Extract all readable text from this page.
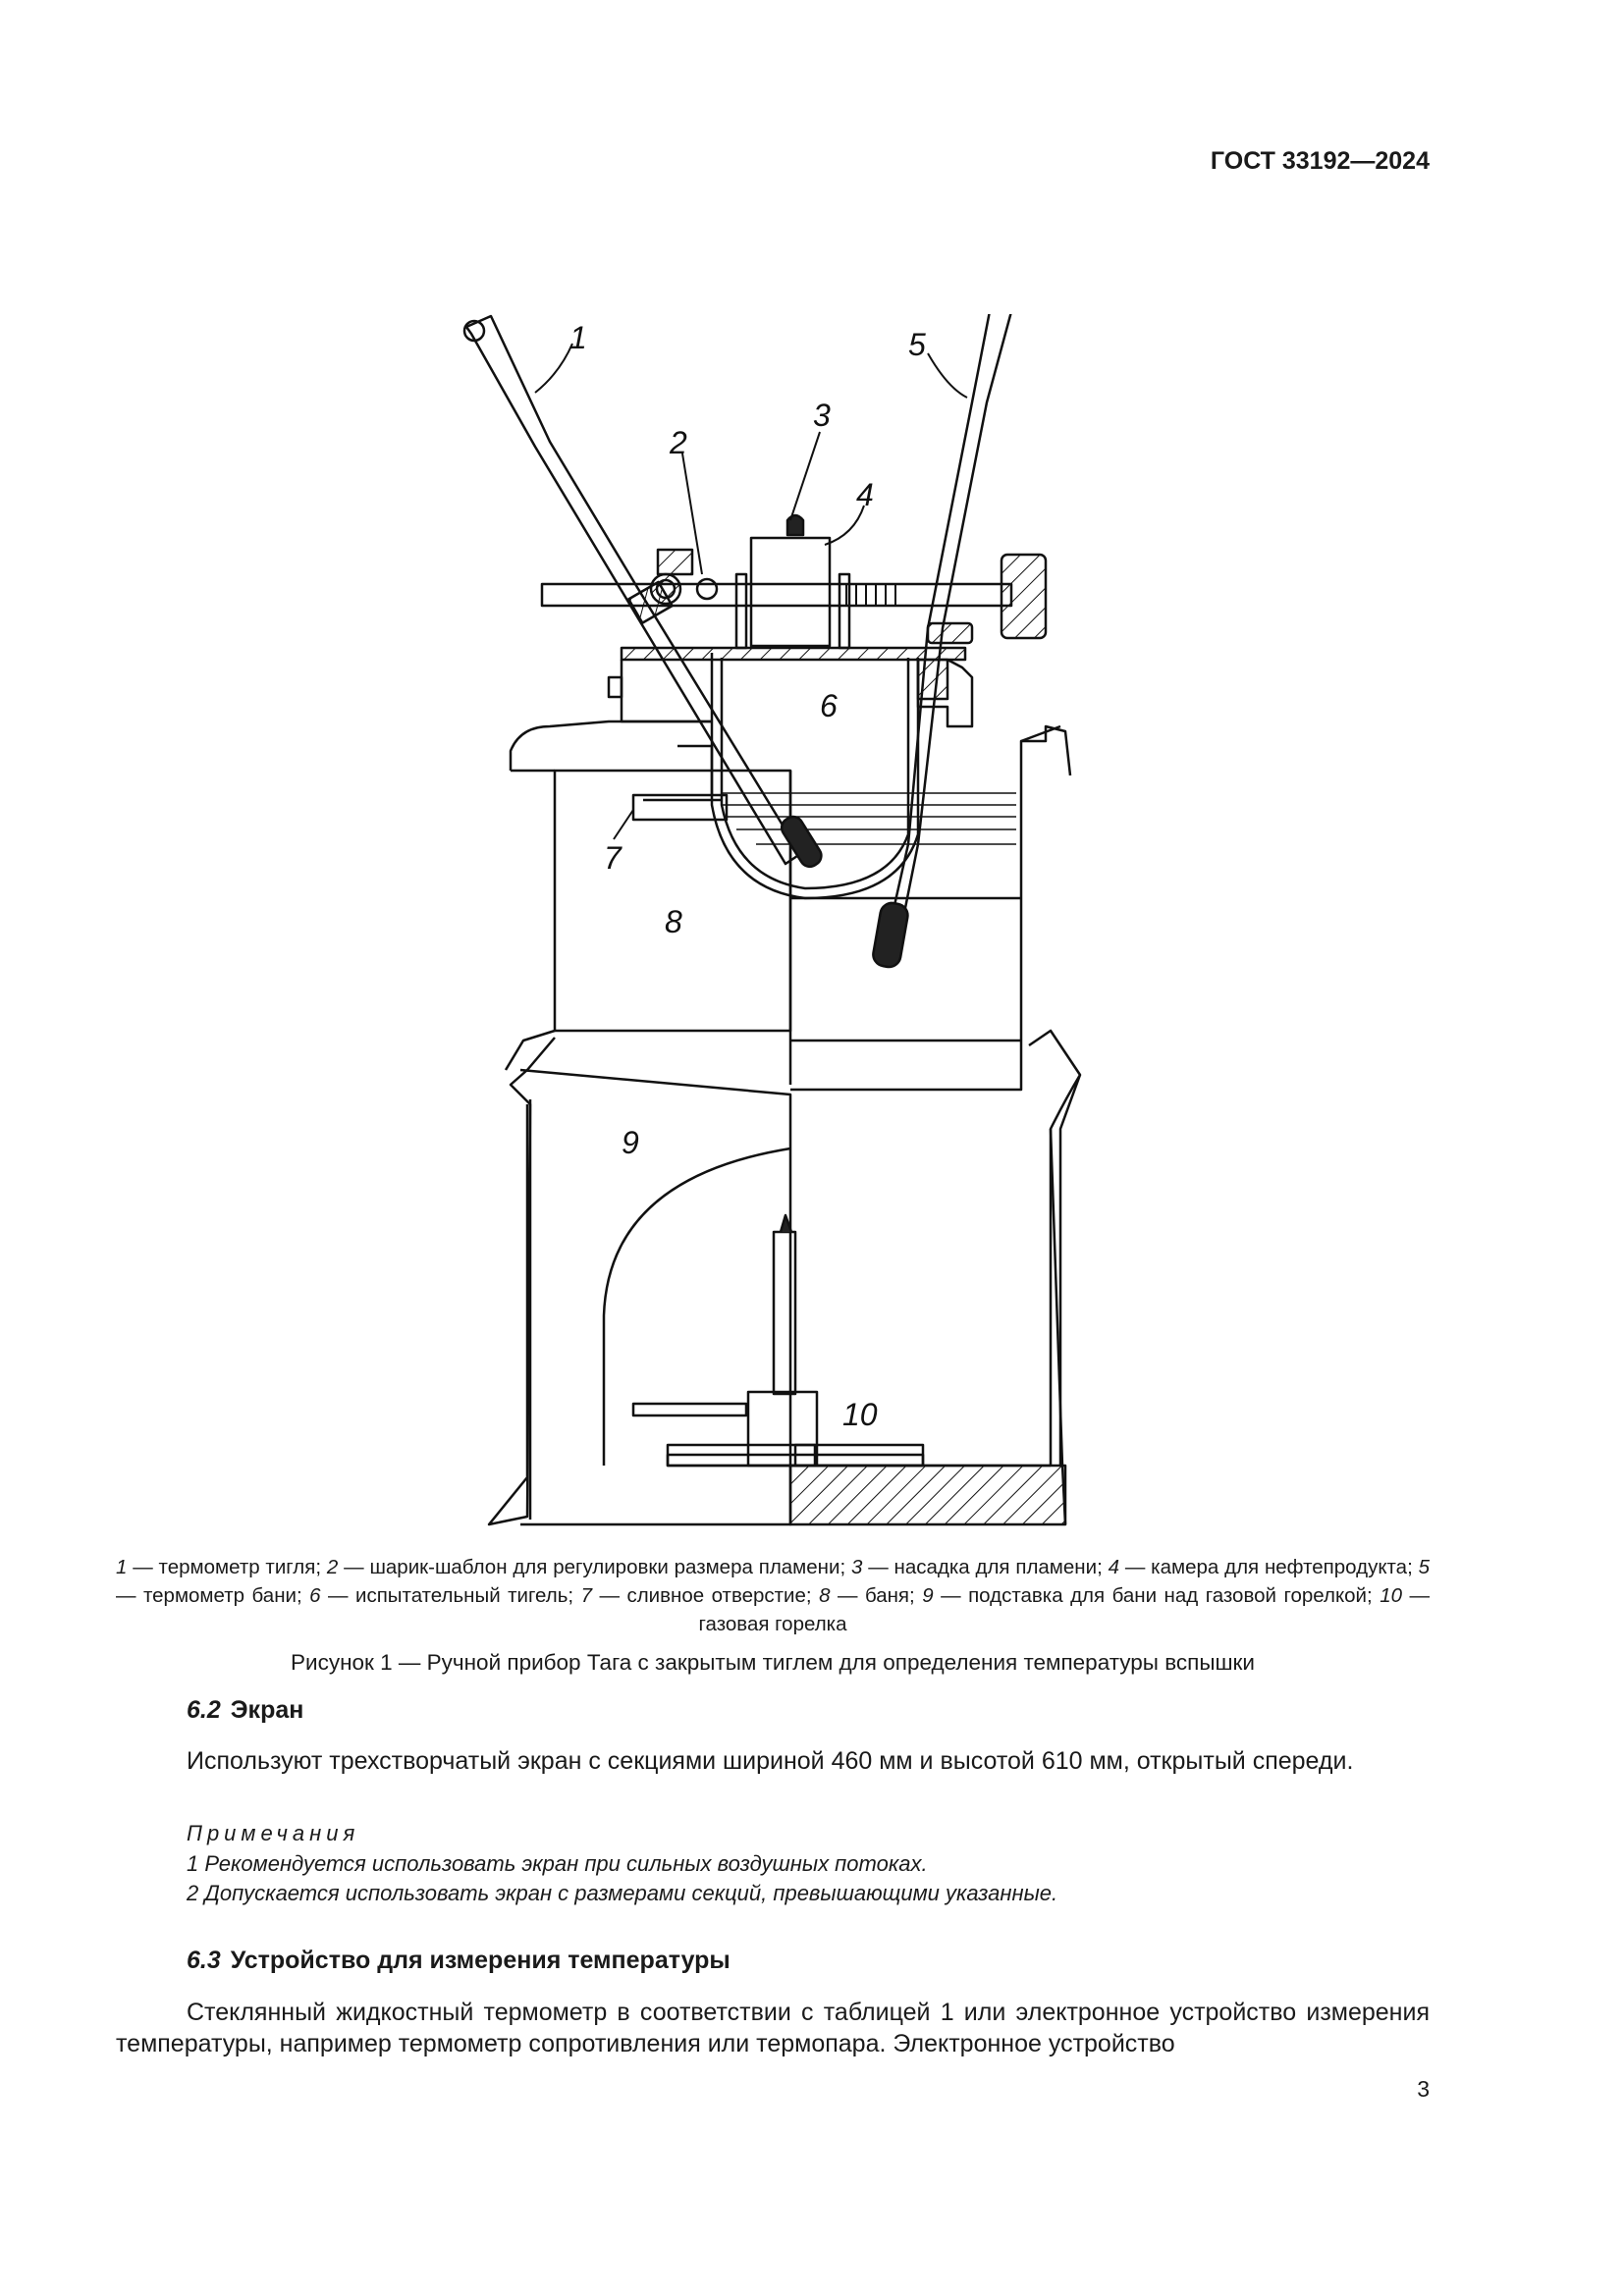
ГОСТ 33192—2024
1
2
3
4
5
6
7
8
9
10
1 — термометр тигля; 2 — шарик-шаблон для регулировки размера пламени; 3 — насадка для пламени; 4 — камера для нефтепродукта; 5 — термометр бани; 6 — испытательный тигель; 7 — сливное отверстие; 8 — баня; 9 — подставка для бани над газовой горелкой; 10 — газовая горелка
Рисунок 1 — Ручной прибор Тага с закрытым тиглем для определения температуры вспышки
6.2 Экран
Используют трехстворчатый экран с секциями шириной 460 мм и высотой 610 мм, открытый спереди.
Примечания
1 Рекомендуется использовать экран при сильных воздушных потоках.
2 Допускается использовать экран с размерами секций, превышающими указанные.
6.3 Устройство для измерения температуры
Стеклянный жидкостный термометр в соответствии с таблицей 1 или электронное устройство измерения температуры, например термометр сопротивления или термопара. Электронное устройство
3
